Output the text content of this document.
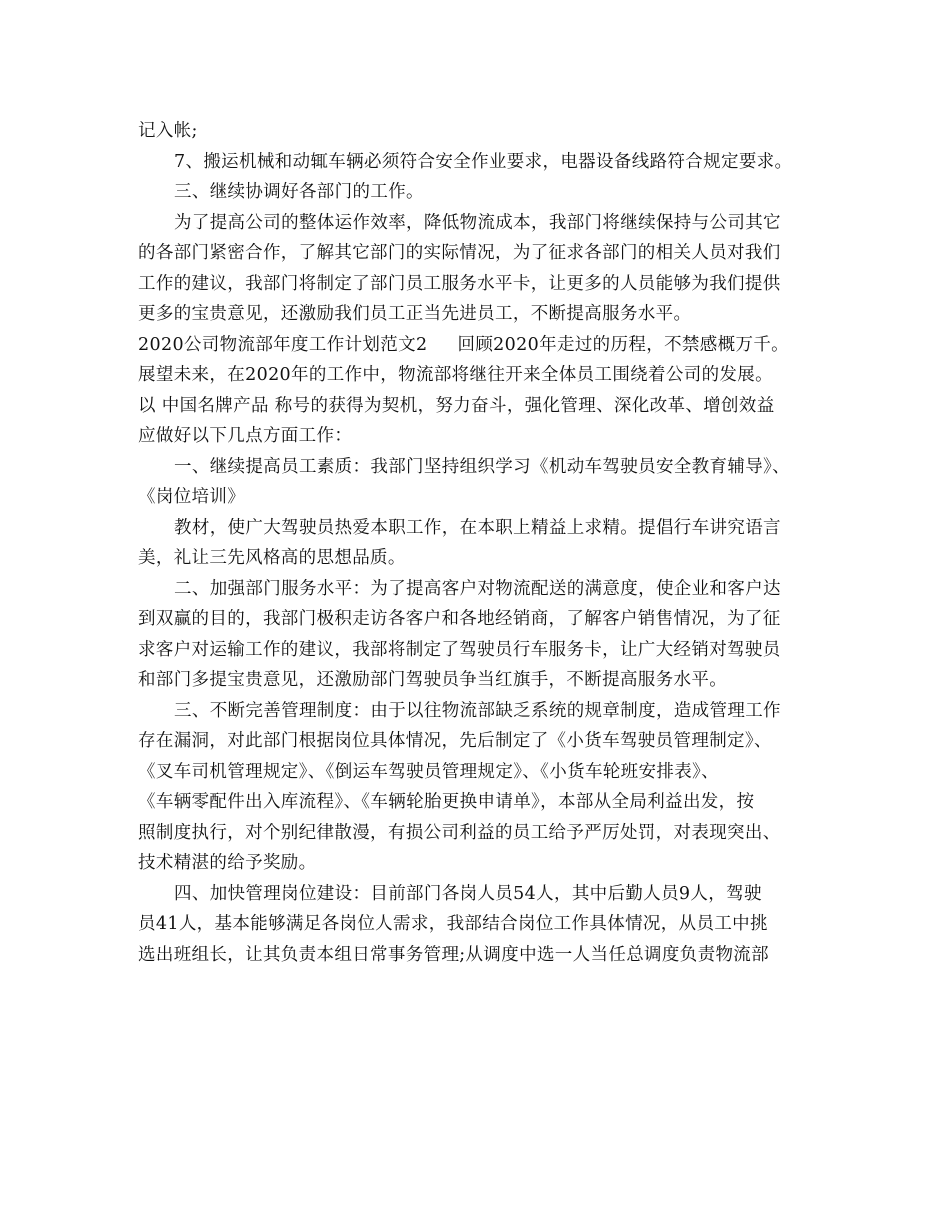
记入帐;
7、搬运机械和动辄车辆必须符合安全作业要求，电器设备线路符合规定要求。
三、继续协调好各部门的工作。
为了提高公司的整体运作效率，降低物流成本，我部门将继续保持与公司其它
的各部门紧密合作，了解其它部门的实际情况，为了征求各部门的相关人员对我们
工作的建议，我部门将制定了部门员工服务水平卡，让更多的人员能够为我们提供
更多的宝贵意见，还激励我们员工正当先进员工，不断提高服务水平。
2020公司物流部年度工作计划范文2 回顾2020年走过的历程，不禁感概万千。
展望未来，在2020年的工作中，物流部将继往开来全体员工围绕着公司的发展。
以 中国名牌产品 称号的获得为契机，努力奋斗，强化管理、深化改革、增创效益
应做好以下几点方面工作：
一、继续提高员工素质：我部门坚持组织学习《机动车驾驶员安全教育辅导》、
《岗位培训》
教材，使广大驾驶员热爱本职工作，在本职上精益上求精。提倡行车讲究语言
美，礼让三先风格高的思想品质。
二、加强部门服务水平：为了提高客户对物流配送的满意度，使企业和客户达
到双赢的目的，我部门极积走访各客户和各地经销商，了解客户销售情况，为了征
求客户对运输工作的建议，我部将制定了驾驶员行车服务卡，让广大经销对驾驶员
和部门多提宝贵意见，还激励部门驾驶员争当红旗手，不断提高服务水平。
三、不断完善管理制度：由于以往物流部缺乏系统的规章制度，造成管理工作
存在漏洞，对此部门根据岗位具体情况，先后制定了《小货车驾驶员管理制定》、
《叉车司机管理规定》、《倒运车驾驶员管理规定》、《小货车轮班安排表》、
《车辆零配件出入库流程》、《车辆轮胎更换申请单》，本部从全局利益出发，按
照制度执行，对个别纪律散漫，有损公司利益的员工给予严厉处罚，对表现突出、
技术精湛的给予奖励。
四、加快管理岗位建设：目前部门各岗人员54人，其中后勤人员9人，驾驶
员41人，基本能够满足各岗位人需求，我部结合岗位工作具体情况，从员工中挑
选出班组长，让其负责本组日常事务管理;从调度中选一人当任总调度负责物流部
